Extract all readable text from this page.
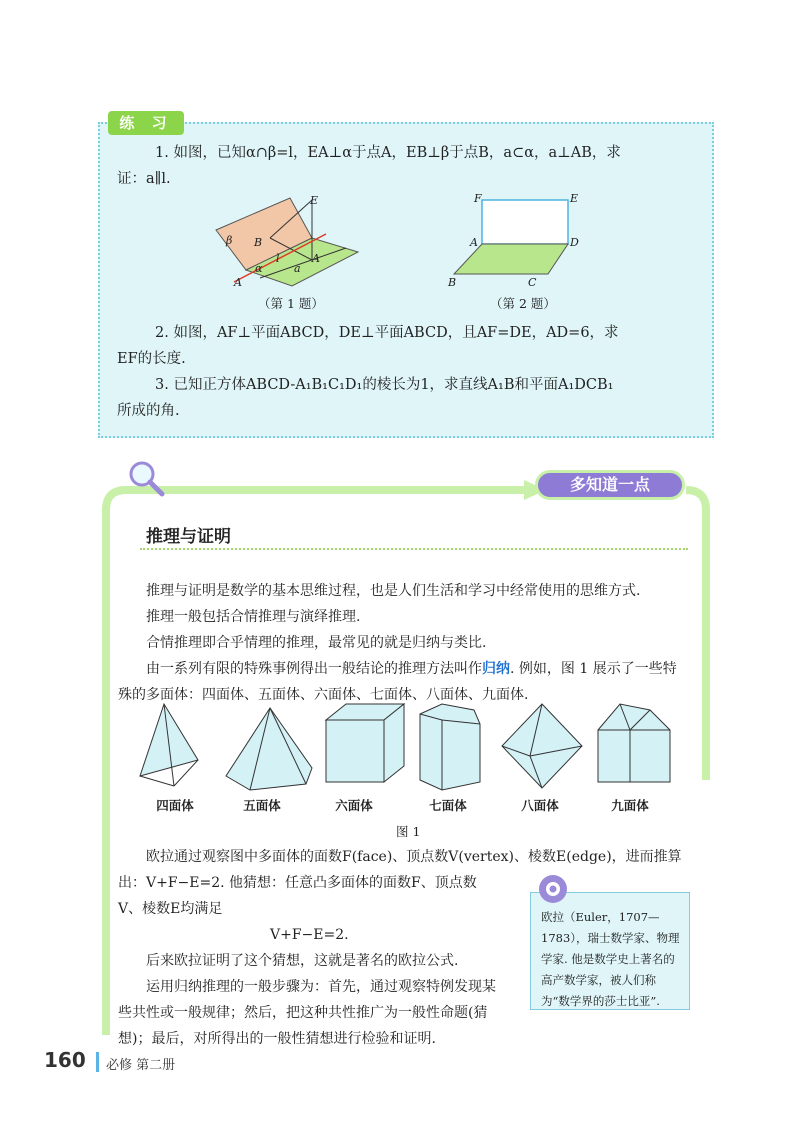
练 习
1. 如图，已知α∩β=l，EA⊥α于点A，EB⊥β于点B，a⊂α，a⊥AB，求
证：a∥l.
E
β B
l
a
α
A
A
（第 1 题）
F	E
A	D
B	C
（第 2 题）
2. 如图，AF⊥平面ABCD，DE⊥平面ABCD，且AF=DE，AD=6，求
EF的长度.
3. 已知正方体ABCD-A₁B₁C₁D₁的棱长为1，求直线A₁B和平面A₁DCB₁
所成的角.
多知道一点
推理与证明
推理与证明是数学的基本思维过程，也是人们生活和学习中经常使用的思维方式.
推理一般包括合情推理与演绎推理.
合情推理即合乎情理的推理，最常见的就是归纳与类比.
由一系列有限的特殊事例得出一般结论的推理方法叫作归纳. 例如，图 1 展示了一些特
殊的多面体：四面体、五面体、六面体、七面体、八面体、九面体.
四面体	五面体	六面体	七面体	八面体	九面体
图 1
欧拉通过观察图中多面体的面数F(face)、顶点数V(vertex)、棱数E(edge)，进而推算
出：V+F−E=2. 他猜想：任意凸多面体的面数F、顶点数
V、棱数E均满足
V+F−E=2.
后来欧拉证明了这个猜想，这就是著名的欧拉公式.
运用归纳推理的一般步骤为：首先，通过观察特例发现某
些共性或一般规律；然后，把这种共性推广为一般性命题(猜
想)；最后，对所得出的一般性猜想进行检验和证明.
欧拉（Euler，1707—1783），瑞士数学家、物理学家. 他是数学史上著名的高产数学家，被人们称为“数学界的莎士比亚”.
160 必修 第二册
